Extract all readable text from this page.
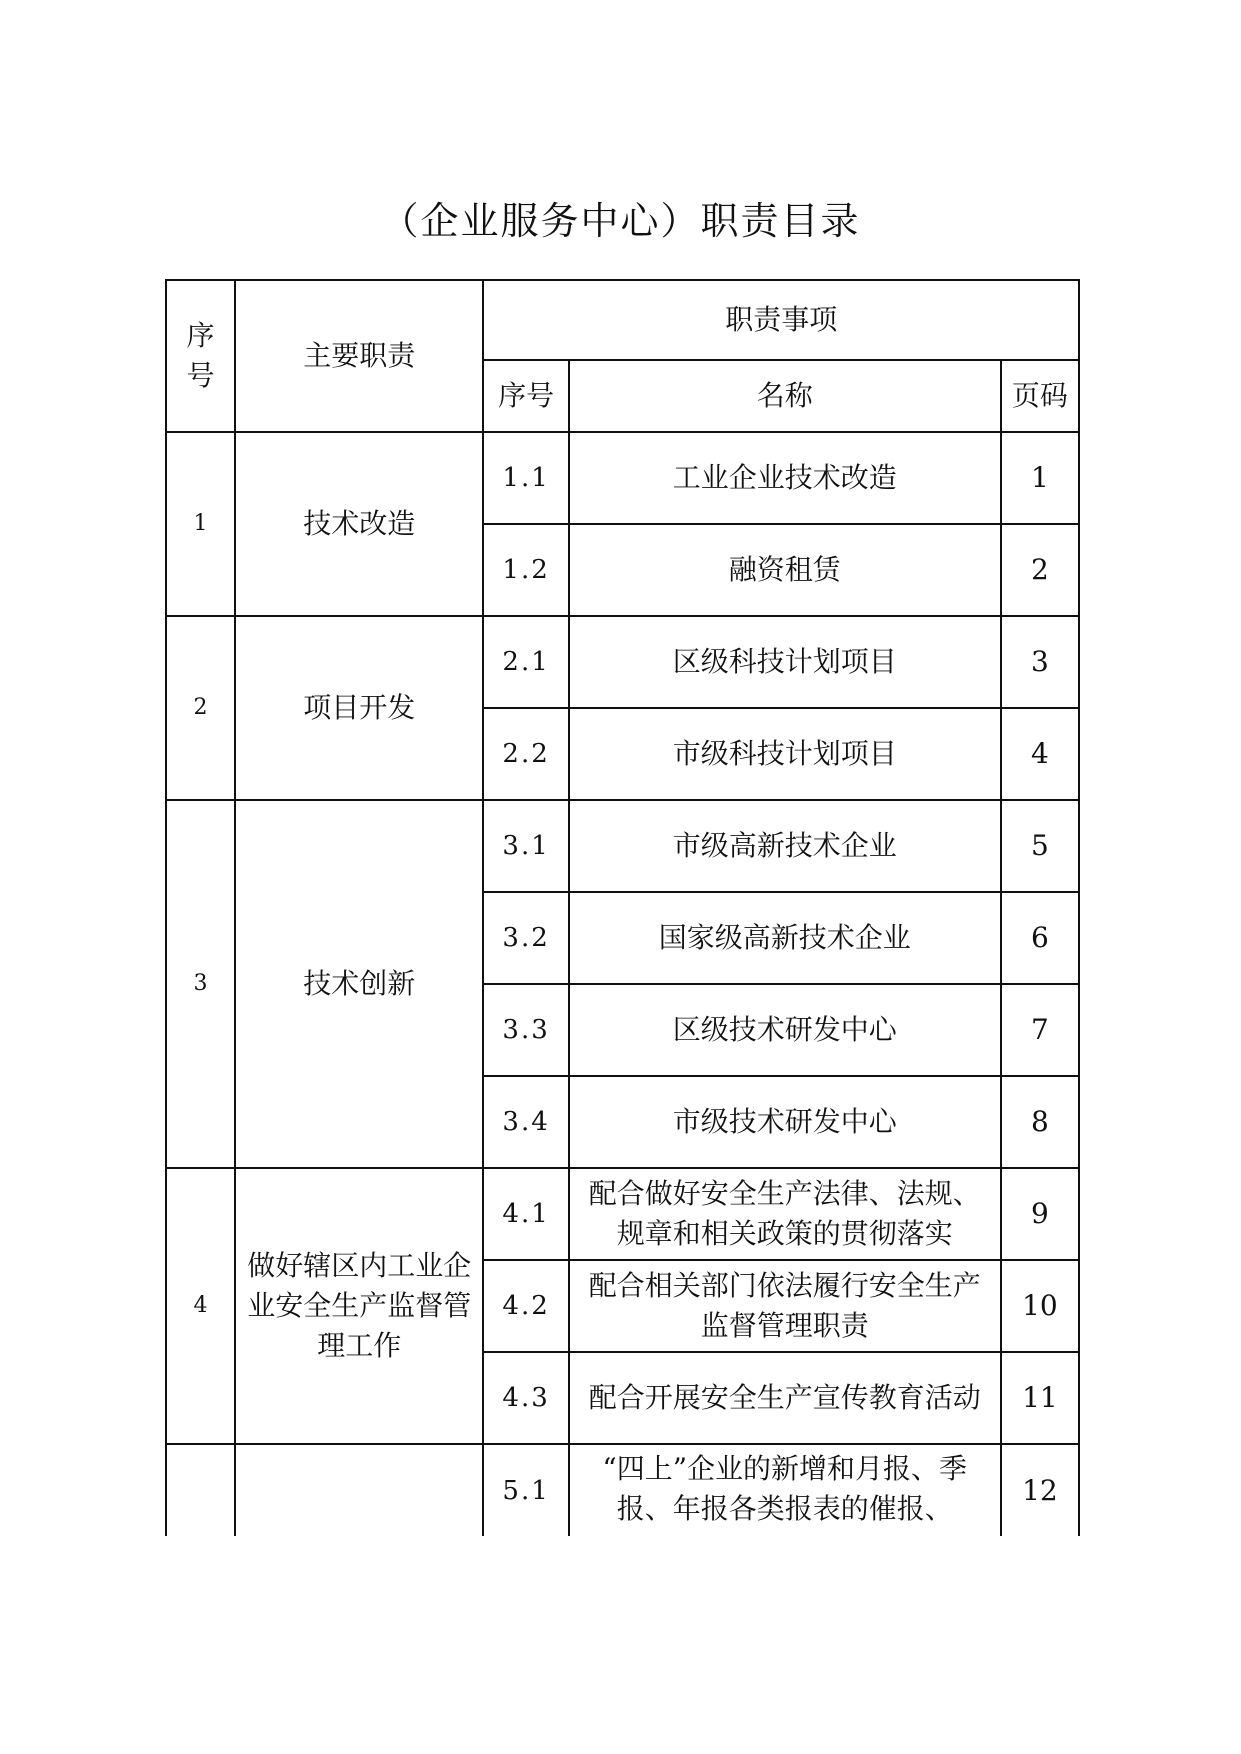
（企业服务中心）职责目录
序号	主要职责	职责事项		
		序号	名称	页码
1	技术改造	1.1	工业企业技术改造	1
		1.2	融资租赁	2
2	项目开发	2.1	区级科技计划项目	3
		2.2	市级科技计划项目	4
3	技术创新	3.1	市级高新技术企业	5
		3.2	国家级高新技术企业	6
		3.3	区级技术研发中心	7
		3.4	市级技术研发中心	8
4	做好辖区内工业企业安全生产监督管理工作	4.1	配合做好安全生产法律、法规、规章和相关政策的贯彻落实	9
		4.2	配合相关部门依法履行安全生产监督管理职责	10
		4.3	配合开展安全生产宣传教育活动	11
		5.1	“四上”企业的新增和月报、季报、年报各类报表的催报、	12
